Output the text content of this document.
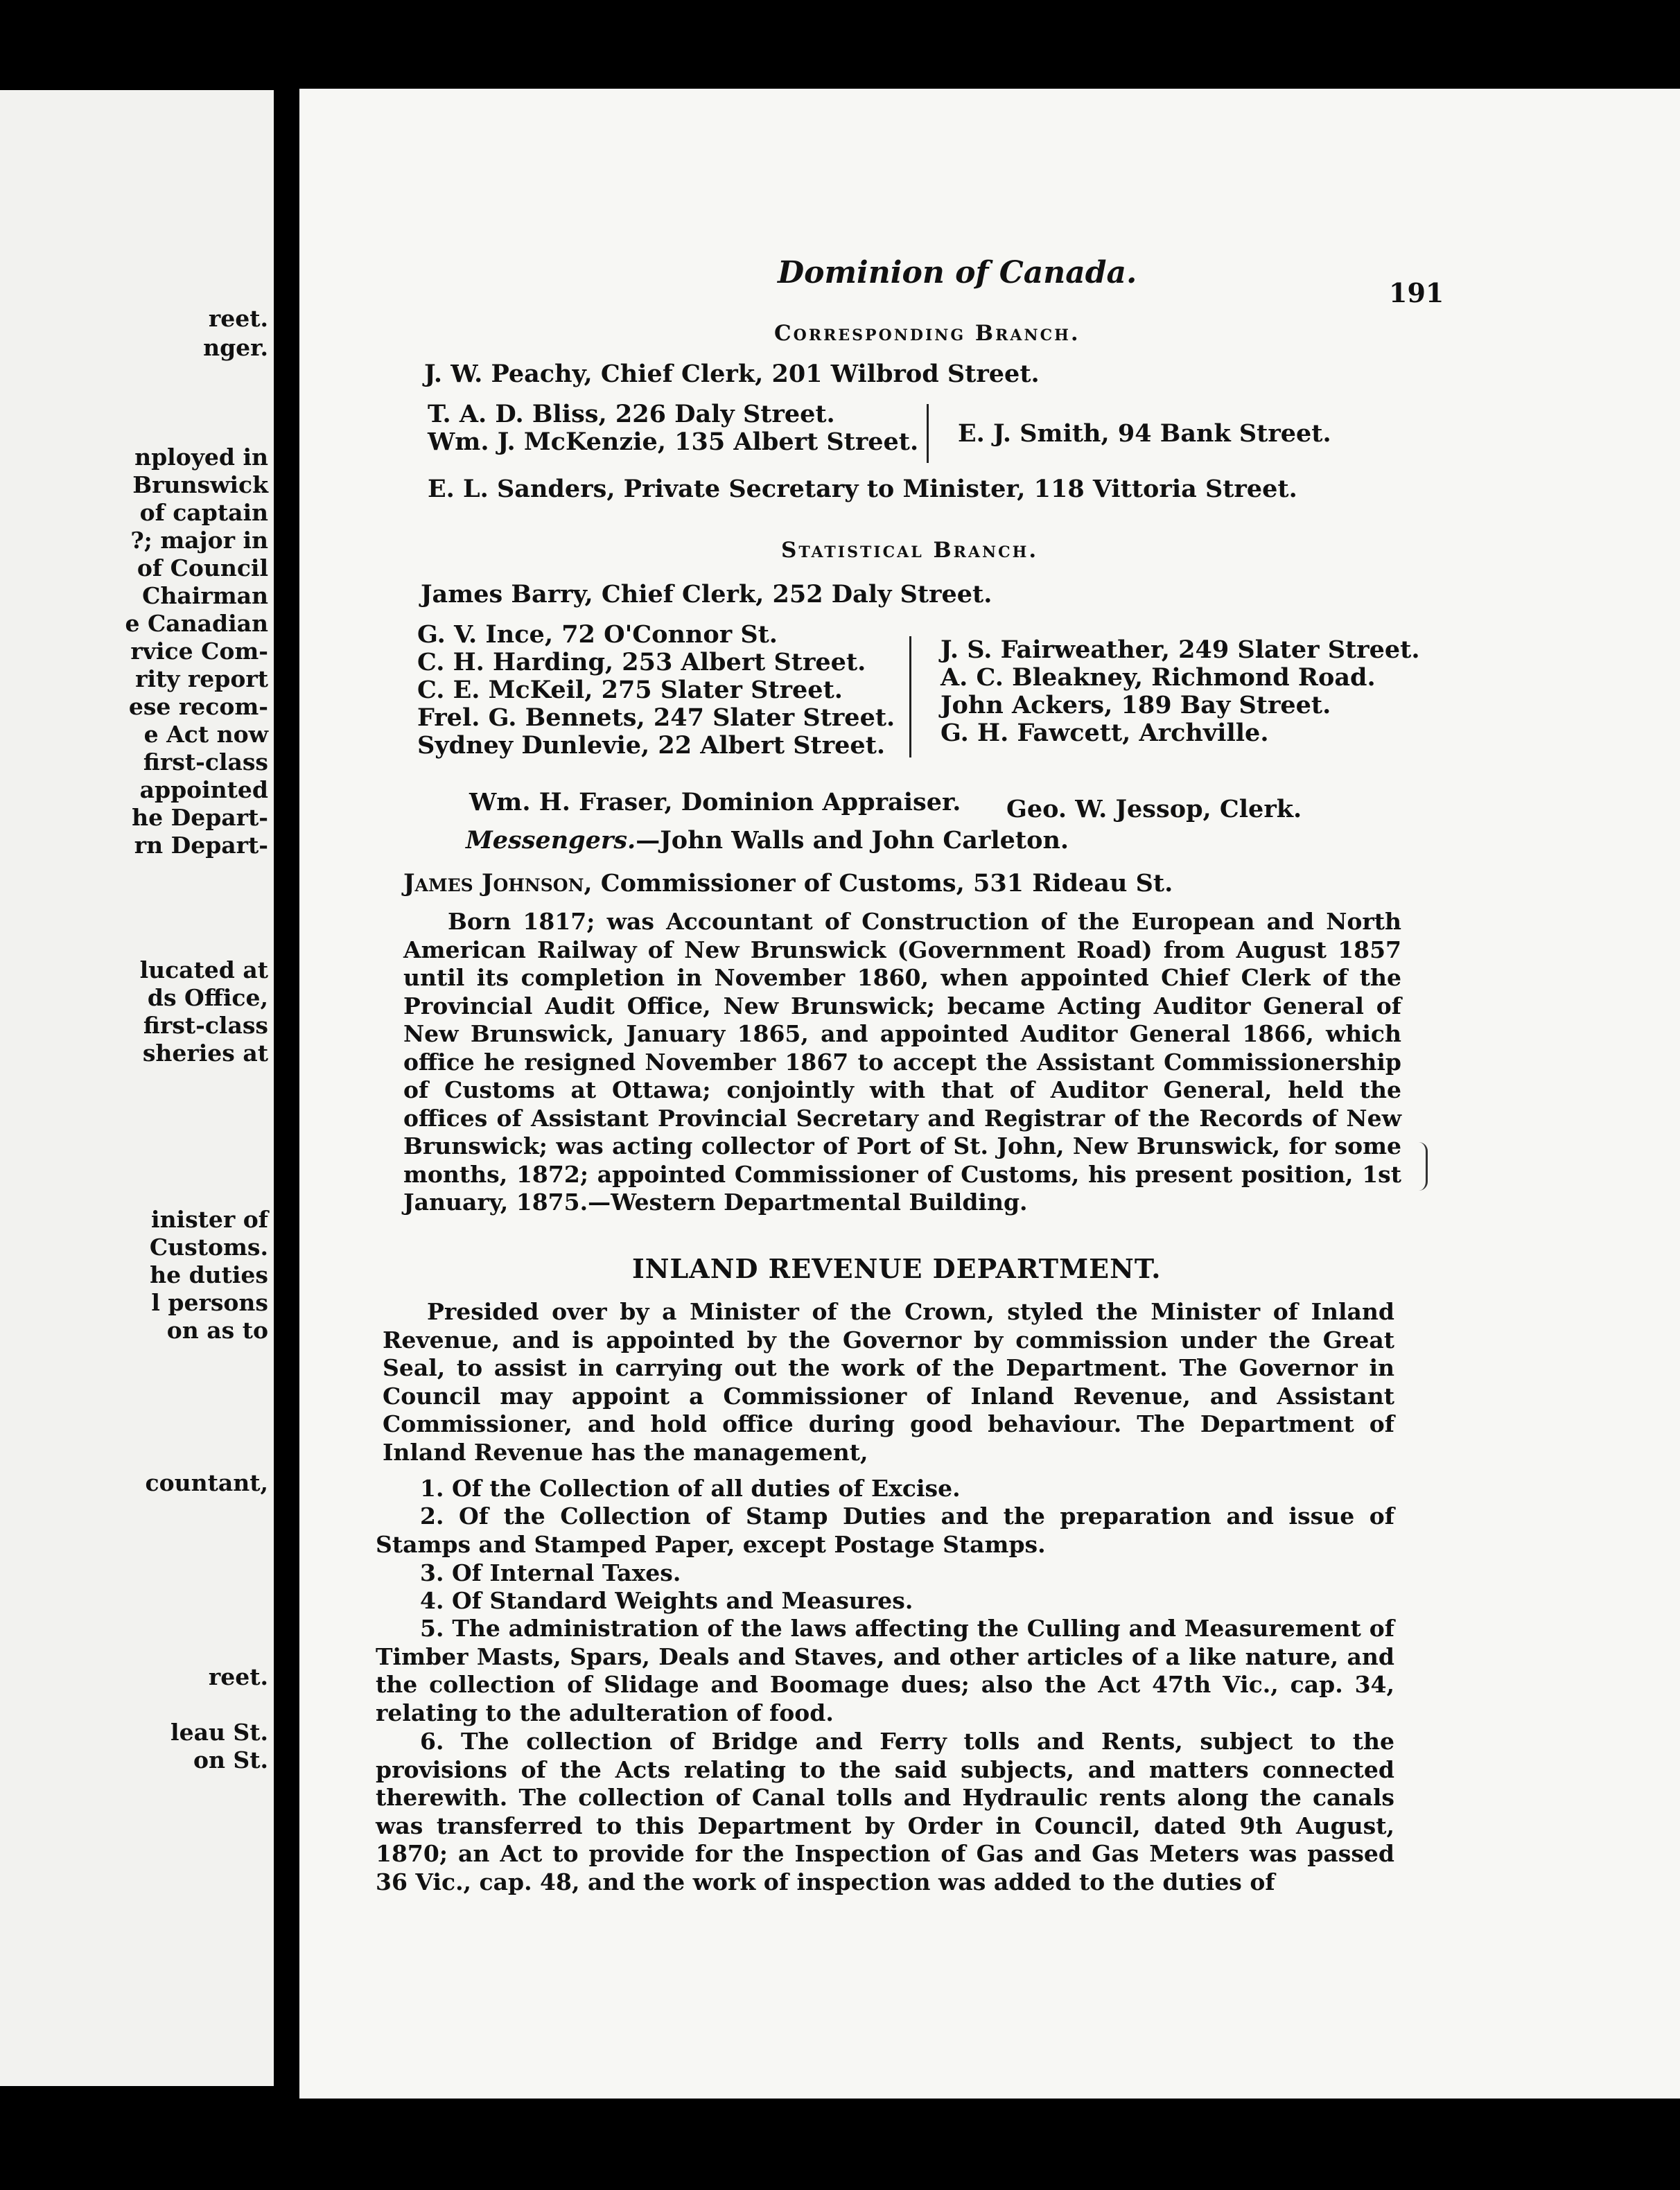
reet.
nger.
nployed in
Brunswick
of captain
?; major in
of Council
Chairman
e Canadian
rvice Com-
rity report
ese recom-
e Act now
first-class
appointed
he Depart-
rn Depart-
lucated at
ds Office,
first-class
sheries at
inister of
Customs.
he duties
l persons
on as to
countant,
reet.
leau St.
on St.
Dominion of Canada.
191
Corresponding Branch.
J. W. Peachy, Chief Clerk, 201 Wilbrod Street.
T. A. D. Bliss, 226 Daly Street.
Wm. J. McKenzie, 135 Albert Street. E. J. Smith, 94 Bank Street.
E. L. Sanders, Private Secretary to Minister, 118 Vittoria Street.
Statistical Branch.
James Barry, Chief Clerk, 252 Daly Street.
G. V. Ince, 72 O'Connor St.
C. H. Harding, 253 Albert Street.
C. E. McKeil, 275 Slater Street.
Frel. G. Bennets, 247 Slater Street.
Sydney Dunlevie, 22 Albert Street.
J. S. Fairweather, 249 Slater Street.
A. C. Bleakney, Richmond Road.
John Ackers, 189 Bay Street.
G. H. Fawcett, Archville.
Wm. H. Fraser, Dominion Appraiser. Geo. W. Jessop, Clerk.
Messengers.—John Walls and John Carleton.
James Johnson, Commissioner of Customs, 531 Rideau St.
Born 1817; was Accountant of Construction of the European and North American Railway of New Brunswick (Government Road) from August 1857 until its completion in November 1860, when appointed Chief Clerk of the Provincial Audit Office, New Brunswick; became Acting Auditor General of New Brunswick, January 1865, and appointed Auditor General 1866, which office he resigned November 1867 to accept the Assistant Commissionership of Customs at Ottawa; conjointly with that of Auditor General, held the offices of Assistant Provincial Secretary and Registrar of the Records of New Brunswick; was acting collector of Port of St. John, New Brunswick, for some months, 1872; appointed Commissioner of Customs, his present position, 1st January, 1875.—Western Departmental Building.
INLAND REVENUE DEPARTMENT.
Presided over by a Minister of the Crown, styled the Minister of Inland Revenue, and is appointed by the Governor by commission under the Great Seal, to assist in carrying out the work of the Department. The Governor in Council may appoint a Commissioner of Inland Revenue, and Assistant Commissioner, and hold office during good behaviour. The Department of Inland Revenue has the management,
1. Of the Collection of all duties of Excise.
2. Of the Collection of Stamp Duties and the preparation and issue of Stamps and Stamped Paper, except Postage Stamps.
3. Of Internal Taxes.
4. Of Standard Weights and Measures.
5. The administration of the laws affecting the Culling and Measurement of Timber Masts, Spars, Deals and Staves, and other articles of a like nature, and the collection of Slidage and Boomage dues; also the Act 47th Vic., cap. 34, relating to the adulteration of food.
6. The collection of Bridge and Ferry tolls and Rents, subject to the provisions of the Acts relating to the said subjects, and matters connected therewith. The collection of Canal tolls and Hydraulic rents along the canals was transferred to this Department by Order in Council, dated 9th August, 1870; an Act to provide for the Inspection of Gas and Gas Meters was passed 36 Vic., cap. 48, and the work of inspection was added to the duties of
